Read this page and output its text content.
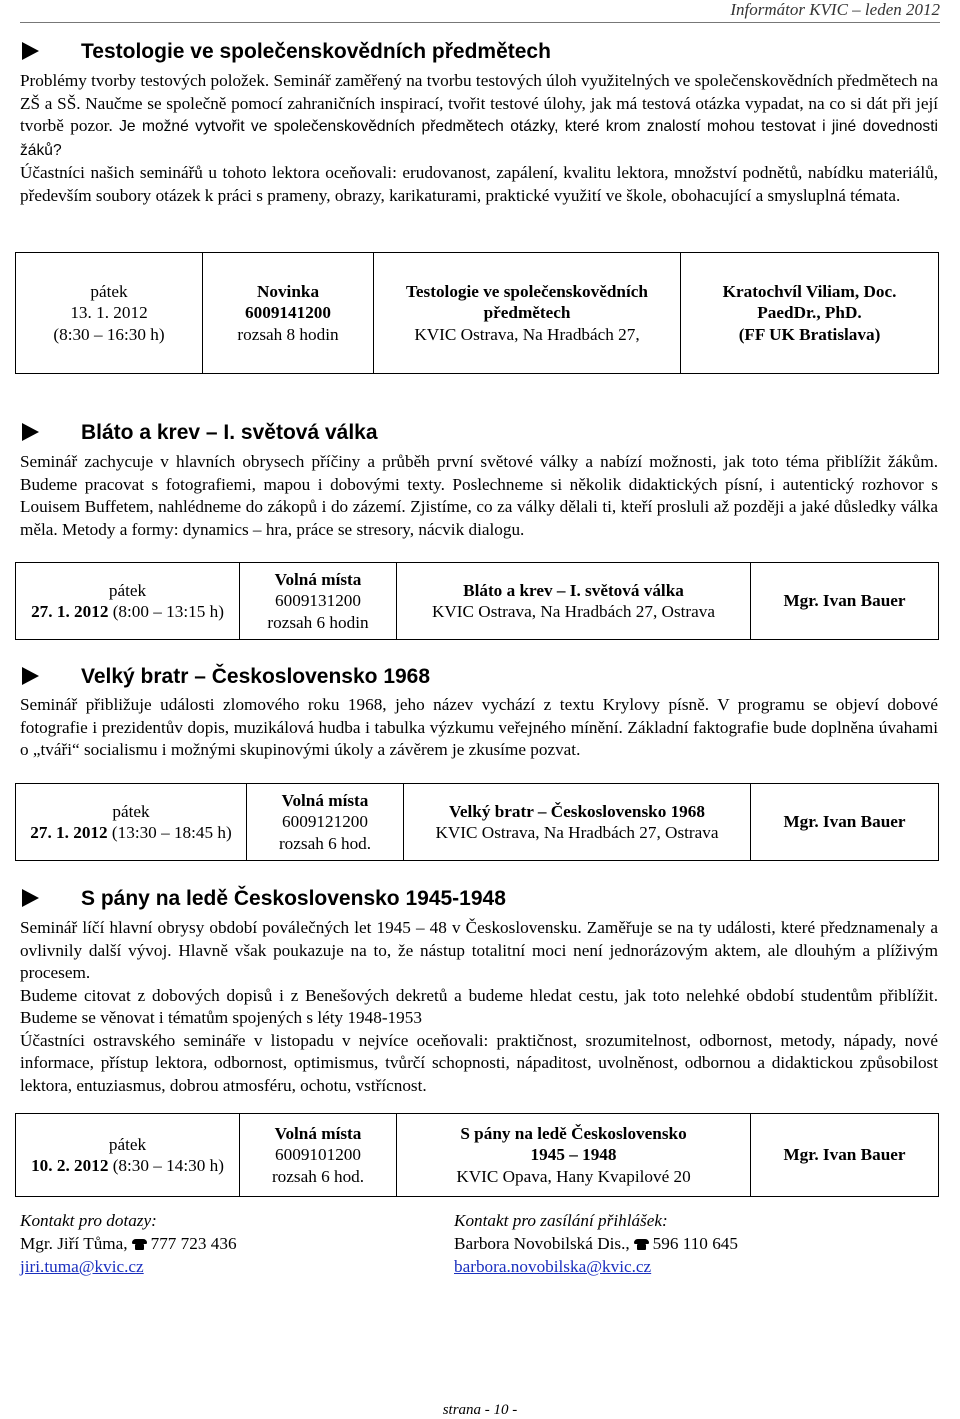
Informátor KVIC – leden 2012
Testologie ve společenskovědních předmětech
Problémy tvorby testových položek. Seminář zaměřený na tvorbu testových úloh využitelných ve společenskovědních předmětech na ZŠ a SŠ. Naučme se společně pomocí zahraničních inspirací, tvořit testové úlohy, jak má testová otázka vypadat, na co si dát při její tvorbě pozor. Je možné vytvořit ve společenskovědních předmětech otázky, které krom znalostí mohou testovat i jiné dovednosti žáků?

Účastníci našich seminářů u tohoto lektora oceňovali: erudovanost, zapálení, kvalitu lektora, množství podnětů, nabídku materiálů, především soubory otázek k práci s prameny, obrazy, karikaturami, praktické využití ve škole, obohacující a smysluplná témata.

pátek
13. 1. 2012
(8:30 – 16:30 h)

Novinka
6009141200
rozsah 8 hodin

Testologie ve společenskovědních předmětech
KVIC Ostrava, Na Hradbách 27,

Kratochvíl Viliam, Doc.
PaedDr., PhD.
(FF UK Bratislava)
Bláto a krev – I. světová válka
Seminář zachycuje v hlavních obrysech příčiny a průběh první světové války a nabízí možnosti, jak toto téma přiblížit žákům. Budeme pracovat s fotografiemi, mapou i dobovými texty. Poslechneme si několik didaktických písní, i autentický rozhovor s Louisem Buffetem, nahlédneme do zákopů i do zázemí. Zjistíme, co za války dělali ti, kteří prosluli až později a jaké důsledky válka měla. Metody a formy: dynamics – hra, práce se stresory, nácvik dialogu.
pátek
27. 1. 2012 (8:00 – 13:15 h)

Volná místa
6009131200
rozsah 6 hodin

Bláto a krev – I. světová válka
KVIC Ostrava, Na Hradbách 27, Ostrava
	Mgr. Ivan Bauer
Velký bratr – Československo 1968
Seminář přibližuje události zlomového roku 1968, jeho název vychází z textu Krylovy písně. V programu se objeví dobové fotografie i prezidentův dopis, muzikálová hudba i tabulka výzkumu veřejného mínění. Základní faktografie bude doplněna úvahami o „tváři“ socialismu i možnými skupinovými úkoly a závěrem je zkusíme pozvat.
pátek
27. 1. 2012 (13:30 – 18:45 h)

Volná místa
6009121200
rozsah 6 hod.

Velký bratr – Československo 1968
KVIC Ostrava, Na Hradbách 27, Ostrava
	Mgr. Ivan Bauer
S pány na ledě Československo 1945-1948

Seminář líčí hlavní obrysy období poválečných let 1945 – 48 v Československu. Zaměřuje se na ty události, které předznamenaly a ovlivnily další vývoj. Hlavně však poukazuje na to, že nástup totalitní moci není jednorázovým aktem, ale dlouhým a plíživým procesem.

Budeme citovat z dobových dopisů i z Benešových dekretů a budeme hledat cestu, jak toto nelehké období studentům přiblížit. Budeme se věnovat i tématům spojených s léty 1948-1953

Účastníci ostravského semináře v listopadu v nejvíce oceňovali: praktičnost, srozumitelnost, odbornost, metody, nápady, nové informace, přístup lektora, odbornost, optimismus, tvůrčí schopnosti, nápaditost, uvolněnost, odbornou a didaktickou způsobilost lektora, entuziasmus, dobrou atmosféru, ochotu, vstřícnost.

pátek
10. 2. 2012 (8:30 – 14:30 h)

Volná místa
6009101200
rozsah 6 hod.

S pány na ledě Československo
1945 – 1948
KVIC Opava, Hany Kvapilové 20
	Mgr. Ivan Bauer
Kontakt pro dotazy:
Mgr. Jiří Tůma, 777 723 436
jiri.tuma@kvic.cz
Kontakt pro zasílání přihlášek:
Barbora Novobilská Dis., 596 110 645
barbora.novobilska@kvic.cz
strana - 10 -
